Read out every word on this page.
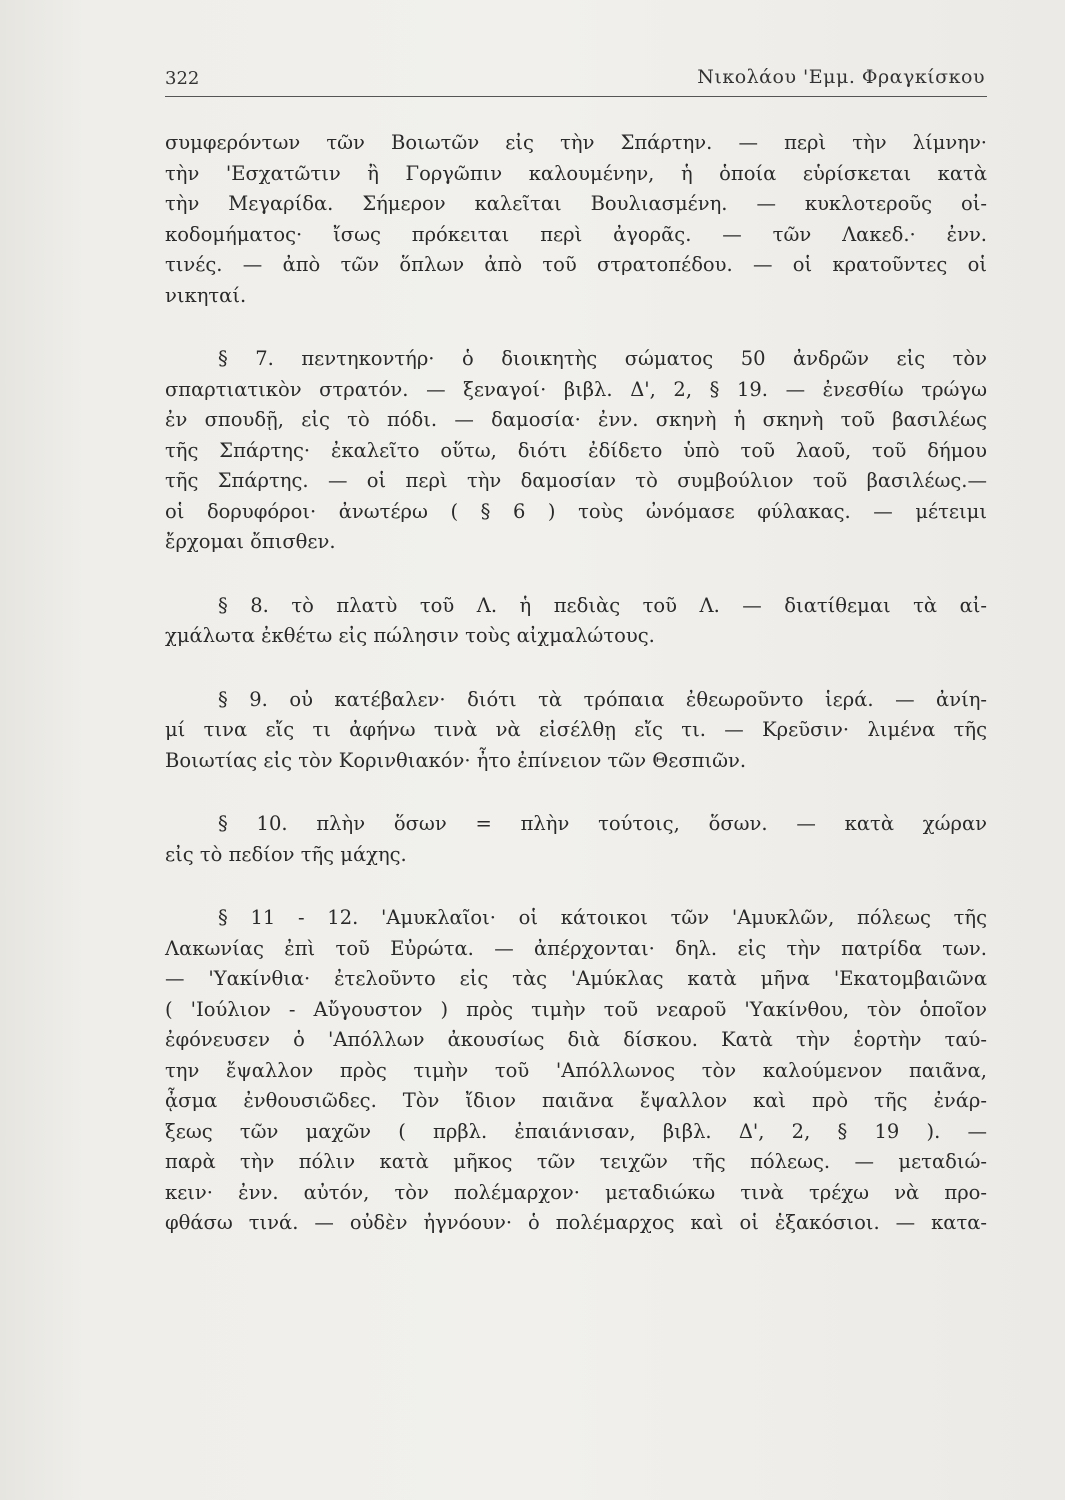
322	Νικολάου 'Εμμ. Φραγκίσκου
συμφερόντων τῶν Βοιωτῶν εἰς τὴν Σπάρτην. — περὶ τὴν λίμνην·
τὴν 'Εσχατῶτιν ἢ Γοργῶπιν καλουμένην, ἡ ὁποία εὑρίσκεται κατὰ
τὴν Μεγαρίδα. Σήμερον καλεῖται Βουλιασμένη. — κυκλοτεροῦς οἰ-
κοδομήματος· ἴσως πρόκειται περὶ ἀγορᾶς. — τῶν Λακεδ.· ἐνν.
τινές. — ἀπὸ τῶν ὅπλων ἀπὸ τοῦ στρατοπέδου. — οἱ κρατοῦντες οἱ
νικηταί.
§ 7. πεντηκοντήρ· ὁ διοικητὴς σώματος 50 ἀνδρῶν εἰς τὸν
σπαρτιατικὸν στρατόν. — ξεναγοί· βιβλ. Δ', 2, § 19. — ἐνεσθίω τρώγω
ἐν σπουδῇ, εἰς τὸ πόδι. — δαμοσία· ἐνν. σκηνὴ ἡ σκηνὴ τοῦ βασιλέως
τῆς Σπάρτης· ἐκαλεῖτο οὕτω, διότι ἐδίδετο ὑπὸ τοῦ λαοῦ, τοῦ δήμου
τῆς Σπάρτης. — οἱ περὶ τὴν δαμοσίαν τὸ συμβούλιον τοῦ βασιλέως.—
οἱ δορυφόροι· ἀνωτέρω ( § 6 ) τοὺς ὠνόμασε φύλακας. — μέτειμι
ἔρχομαι ὄπισθεν.
§ 8. τὸ πλατὺ τοῦ Λ. ἡ πεδιὰς τοῦ Λ. — διατίθεμαι τὰ αἰ-
χμάλωτα ἐκθέτω εἰς πώλησιν τοὺς αἰχμαλώτους.
§ 9. οὐ κατέβαλεν· διότι τὰ τρόπαια ἐθεωροῦντο ἱερά. — ἀνίη-
μί τινα εἴς τι ἀφήνω τινὰ νὰ εἰσέλθῃ εἴς τι. — Κρεῦσιν· λιμένα τῆς
Βοιωτίας εἰς τὸν Κορινθιακόν· ἦτο ἐπίνειον τῶν Θεσπιῶν.
§ 10. πλὴν ὅσων = πλὴν τούτοις, ὅσων. — κατὰ χώραν
εἰς τὸ πεδίον τῆς μάχης.
§ 11 - 12. 'Αμυκλαῖοι· οἱ κάτοικοι τῶν 'Αμυκλῶν, πόλεως τῆς
Λακωνίας ἐπὶ τοῦ Εὐρώτα. — ἀπέρχονται· δηλ. εἰς τὴν πατρίδα των.
— 'Υακίνθια· ἐτελοῦντο εἰς τὰς 'Αμύκλας κατὰ μῆνα 'Εκατομβαιῶνα
( 'Ιούλιον - Αὔγουστον ) πρὸς τιμὴν τοῦ νεαροῦ 'Υακίνθου, τὸν ὁποῖον
ἐφόνευσεν ὁ 'Απόλλων ἀκουσίως διὰ δίσκου. Κατὰ τὴν ἑορτὴν ταύ-
την ἔψαλλον πρὸς τιμὴν τοῦ 'Απόλλωνος τὸν καλούμενον παιᾶνα,
ᾆσμα ἐνθουσιῶδες. Τὸν ἴδιον παιᾶνα ἔψαλλον καὶ πρὸ τῆς ἐνάρ-
ξεως τῶν μαχῶν ( πρβλ. ἐπαιάνισαν, βιβλ. Δ', 2, § 19 ). —
παρὰ τὴν πόλιν κατὰ μῆκος τῶν τειχῶν τῆς πόλεως. — μεταδιώ-
κειν· ἐνν. αὐτόν, τὸν πολέμαρχον· μεταδιώκω τινὰ τρέχω νὰ προ-
φθάσω τινά. — οὐδὲν ἠγνόουν· ὁ πολέμαρχος καὶ οἱ ἑξακόσιοι. — κατα-
